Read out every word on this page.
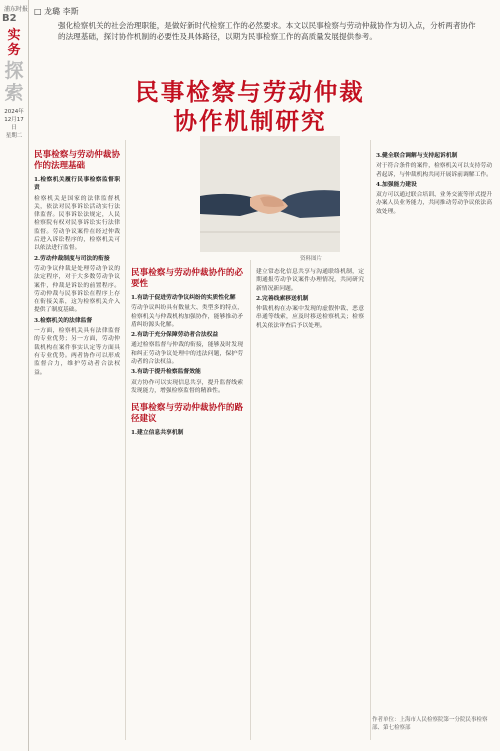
浦东时报
B2
实务
探索
2024年
12月17日
星期二
□ 龙璐 李斯
强化检察机关的社会治理职能，是做好新时代检察工作的必然要求。本文以民事检察与劳动仲裁协作为切入点，分析两者协作的法理基础，探讨协作机制的必要性及具体路径，以期为民事检察工作的高质量发展提供参考。
民事检察与劳动仲裁
协作机制研究
资料图片
民事检察与劳动仲裁协作的法理基础
1.检察机关履行民事检察监督职责
检察机关是国家的法律监督机关，依法对民事诉讼活动实行法律监督。民事诉讼法规定，人民检察院有权对民事诉讼实行法律监督。劳动争议案件在经过仲裁后进入诉讼程序的，检察机关可以依法进行监督。
2.劳动仲裁制度与司法的衔接
劳动争议仲裁是处理劳动争议的法定程序，对于大多数劳动争议案件，仲裁是诉讼的前置程序。劳动仲裁与民事诉讼在程序上存在衔接关系，这为检察机关介入提供了制度基础。
3.检察机关的法律监督
一方面，检察机关具有法律监督的专业优势；另一方面，劳动仲裁机构在案件事实认定等方面具有专业优势。两者协作可以形成监督合力，维护劳动者合法权益。
民事检察与劳动仲裁协作的必要性
1.有助于促进劳动争议纠纷的实质性化解
劳动争议纠纷具有数量大、类型多的特点，检察机关与仲裁机构加强协作，能够推动矛盾纠纷源头化解。
2.有助于充分保障劳动者合法权益
通过检察监督与仲裁的衔接，能够及时发现和纠正劳动争议处理中的违法问题，保护劳动者的合法权益。
3.有助于提升检察监督效能
双方协作可以实现信息共享，提升监督线索发现能力，增强检察监督的精准性。
民事检察与劳动仲裁协作的路径建议
1.建立信息共享机制
建立常态化信息共享与沟通联络机制，定期通报劳动争议案件办理情况，共同研究新情况新问题。
2.完善线索移送机制
仲裁机构在办案中发现的虚假仲裁、恶意串通等线索，应及时移送检察机关；检察机关依法审查后予以处理。
3.健全联合调解与支持起诉机制
对于符合条件的案件，检察机关可以支持劳动者起诉，与仲裁机构共同开展诉前调解工作。
4.加强能力建设
双方可以通过联合培训、业务交流等形式提升办案人员业务能力，共同推动劳动争议依法高效处理。
作者单位：上海市人民检察院第一分院民事检察部、第七检察部
